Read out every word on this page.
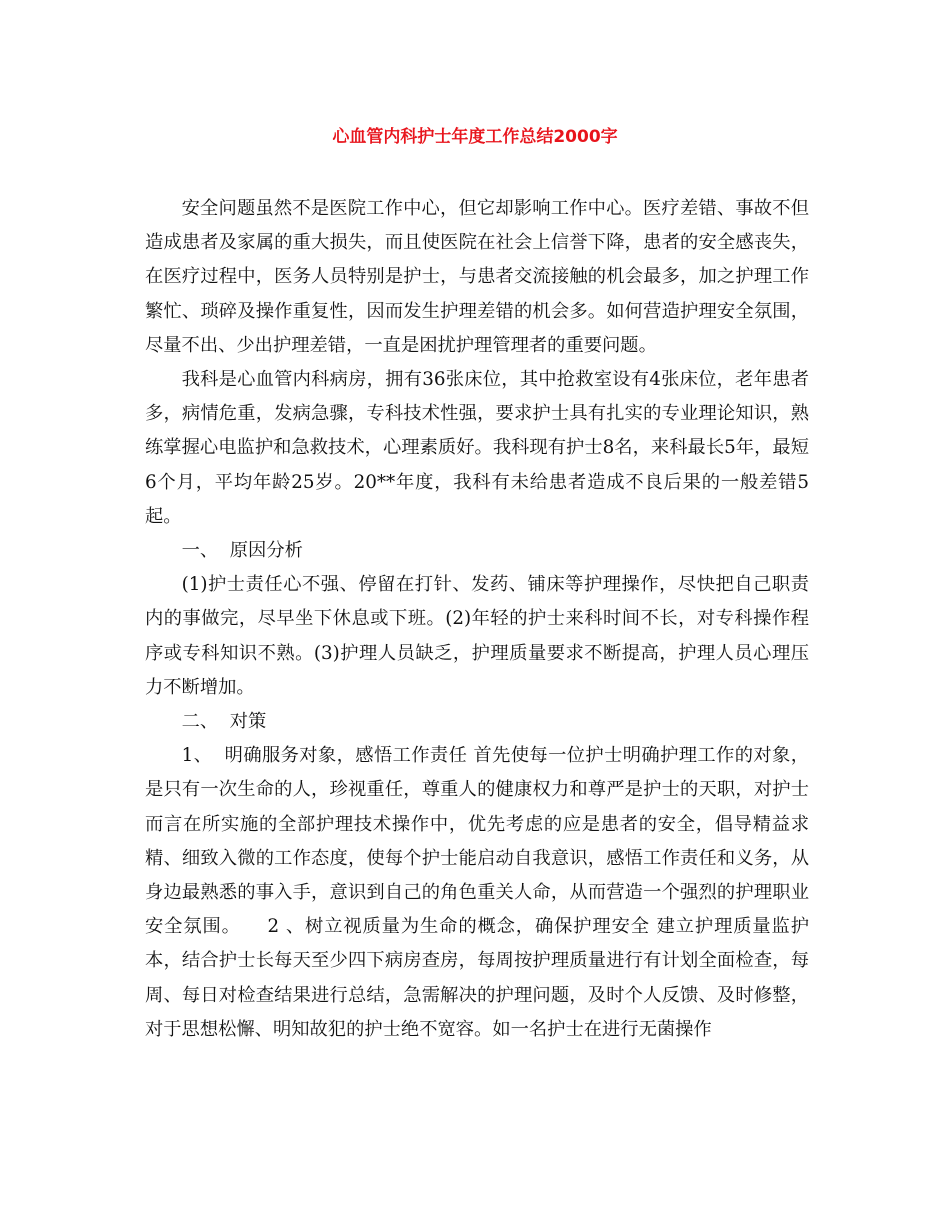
心血管内科护士年度工作总结2000字

安全问题虽然不是医院工作中心，但它却影响工作中心。医疗差错、事故不但造成患者及家属的重大损失，而且使医院在社会上信誉下降，患者的安全感丧失，在医疗过程中，医务人员特别是护士，与患者交流接触的机会最多，加之护理工作繁忙、琐碎及操作重复性，因而发生护理差错的机会多。如何营造护理安全氛围，尽量不出、少出护理差错，一直是困扰护理管理者的重要问题。

我科是心血管内科病房，拥有36张床位，其中抢救室设有4张床位，老年患者多，病情危重，发病急骤，专科技术性强，要求护士具有扎实的专业理论知识，熟练掌握心电监护和急救技术，心理素质好。我科现有护士8名，来科最长5年，最短6个月，平均年龄25岁。20**年度，我科有未给患者造成不良后果的一般差错5起。

一、  原因分析

(1)护士责任心不强、停留在打针、发药、铺床等护理操作，尽快把自己职责内的事做完，尽早坐下休息或下班。(2)年轻的护士来科时间不长，对专科操作程序或专科知识不熟。(3)护理人员缺乏，护理质量要求不断提高，护理人员心理压力不断增加。

二、  对策

1、  明确服务对象，感悟工作责任 首先使每一位护士明确护理工作的对象，是只有一次生命的人，珍视重任，尊重人的健康权力和尊严是护士的天职，对护士而言在所实施的全部护理技术操作中，优先考虑的应是患者的安全，倡导精益求精、细致入微的工作态度，使每个护士能启动自我意识，感悟工作责任和义务，从身边最熟悉的事入手，意识到自己的角色重关人命，从而营造一个强烈的护理职业安全氛围。    2 、树立视质量为生命的概念，确保护理安全 建立护理质量监护本，结合护士长每天至少四下病房查房，每周按护理质量进行有计划全面检查，每周、每日对检查结果进行总结，急需解决的护理问题，及时个人反馈、及时修整，对于思想松懈、明知故犯的护士绝不宽容。如一名护士在进行无菌操作
